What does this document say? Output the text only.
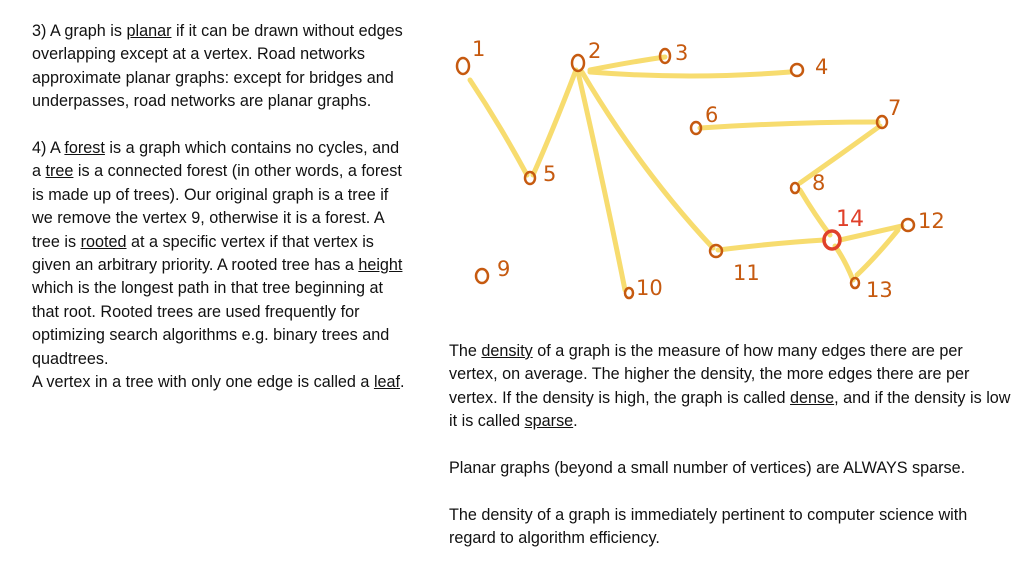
3) A graph is planar if it can be drawn without edges overlapping except at a vertex. Road networks approximate planar graphs: except for bridges and underpasses, road networks are planar graphs.

4) A forest is a graph which contains no cycles, and a tree is a connected forest (in other words, a forest is made up of trees). Our original graph is a tree if we remove the vertex 9, otherwise it is a forest. A tree is rooted at a specific vertex if that vertex is given an arbitrary priority. A rooted tree has a height which is the longest path in that tree beginning at that root. Rooted trees are used frequently for optimizing search algorithms e.g. binary trees and quadtrees.
A vertex in a tree with only one edge is called a leaf.

The density of a graph is the measure of how many edges there are per vertex, on average. The higher the density, the more edges there are per vertex. If the density is high, the graph is called dense, and if the density is low it is called sparse.

Planar graphs (beyond a small number of vertices) are ALWAYS sparse.

The density of a graph is immediately pertinent to computer science with regard to algorithm efficiency.

1	2	3
4
5
6	7
8
9
10
11
12
13
14
